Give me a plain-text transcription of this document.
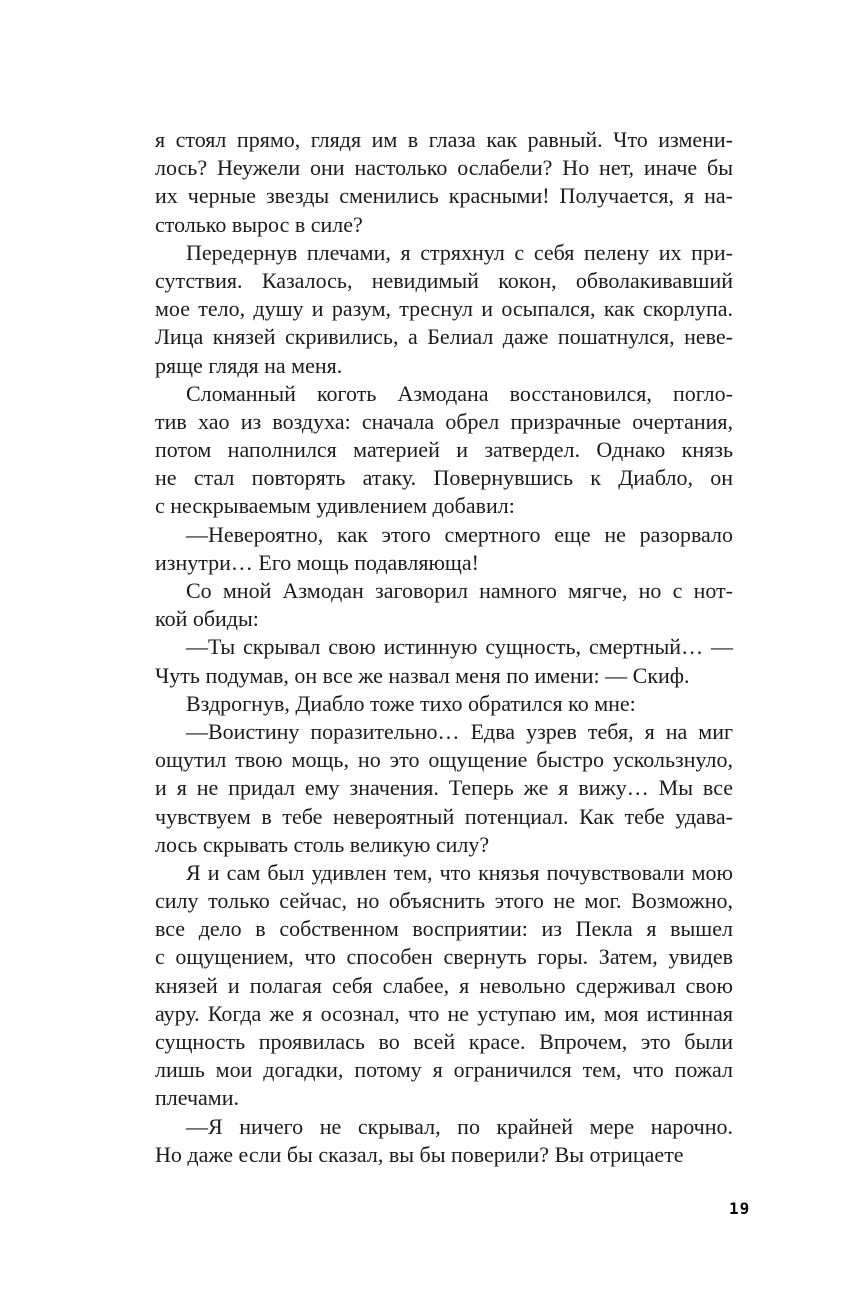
я стоял прямо, глядя им в глаза как равный. Что измени-
лось? Неужели они настолько ослабели? Но нет, иначе бы
их черные звезды сменились красными! Получается, я на-
столько вырос в силе?
Передернув плечами, я стряхнул с себя пелену их при-
сутствия. Казалось, невидимый кокон, обволакивавший
мое тело, душу и разум, треснул и осыпался, как скорлупа.
Лица князей скривились, а Белиал даже пошатнулся, неве-
ряще глядя на меня.
Сломанный коготь Азмодана восстановился, погло-
тив хао из воздуха: сначала обрел призрачные очертания,
потом наполнился материей и затвердел. Однако князь
не стал повторять атаку. Повернувшись к Диабло, он
с нескрываемым удивлением добавил:
—Невероятно, как этого смертного еще не разорвало
изнутри… Его мощь подавляюща!
Со мной Азмодан заговорил намного мягче, но с нот-
кой обиды:
—Ты скрывал свою истинную сущность, смертный… —
Чуть подумав, он все же назвал меня по имени: — Скиф.
Вздрогнув, Диабло тоже тихо обратился ко мне:
—Воистину поразительно… Едва узрев тебя, я на миг
ощутил твою мощь, но это ощущение быстро ускользнуло,
и я не придал ему значения. Теперь же я вижу… Мы все
чувствуем в тебе невероятный потенциал. Как тебе удава-
лось скрывать столь великую силу?
Я и сам был удивлен тем, что князья почувствовали мою
силу только сейчас, но объяснить этого не мог. Возможно,
все дело в собственном восприятии: из Пекла я вышел
с ощущением, что способен свернуть горы. Затем, увидев
князей и полагая себя слабее, я невольно сдерживал свою
ауру. Когда же я осознал, что не уступаю им, моя истинная
сущность проявилась во всей красе. Впрочем, это были
лишь мои догадки, потому я ограничился тем, что пожал
плечами.
—Я ничего не скрывал, по крайней мере нарочно.
Но даже если бы сказал, вы бы поверили? Вы отрицаете
19
